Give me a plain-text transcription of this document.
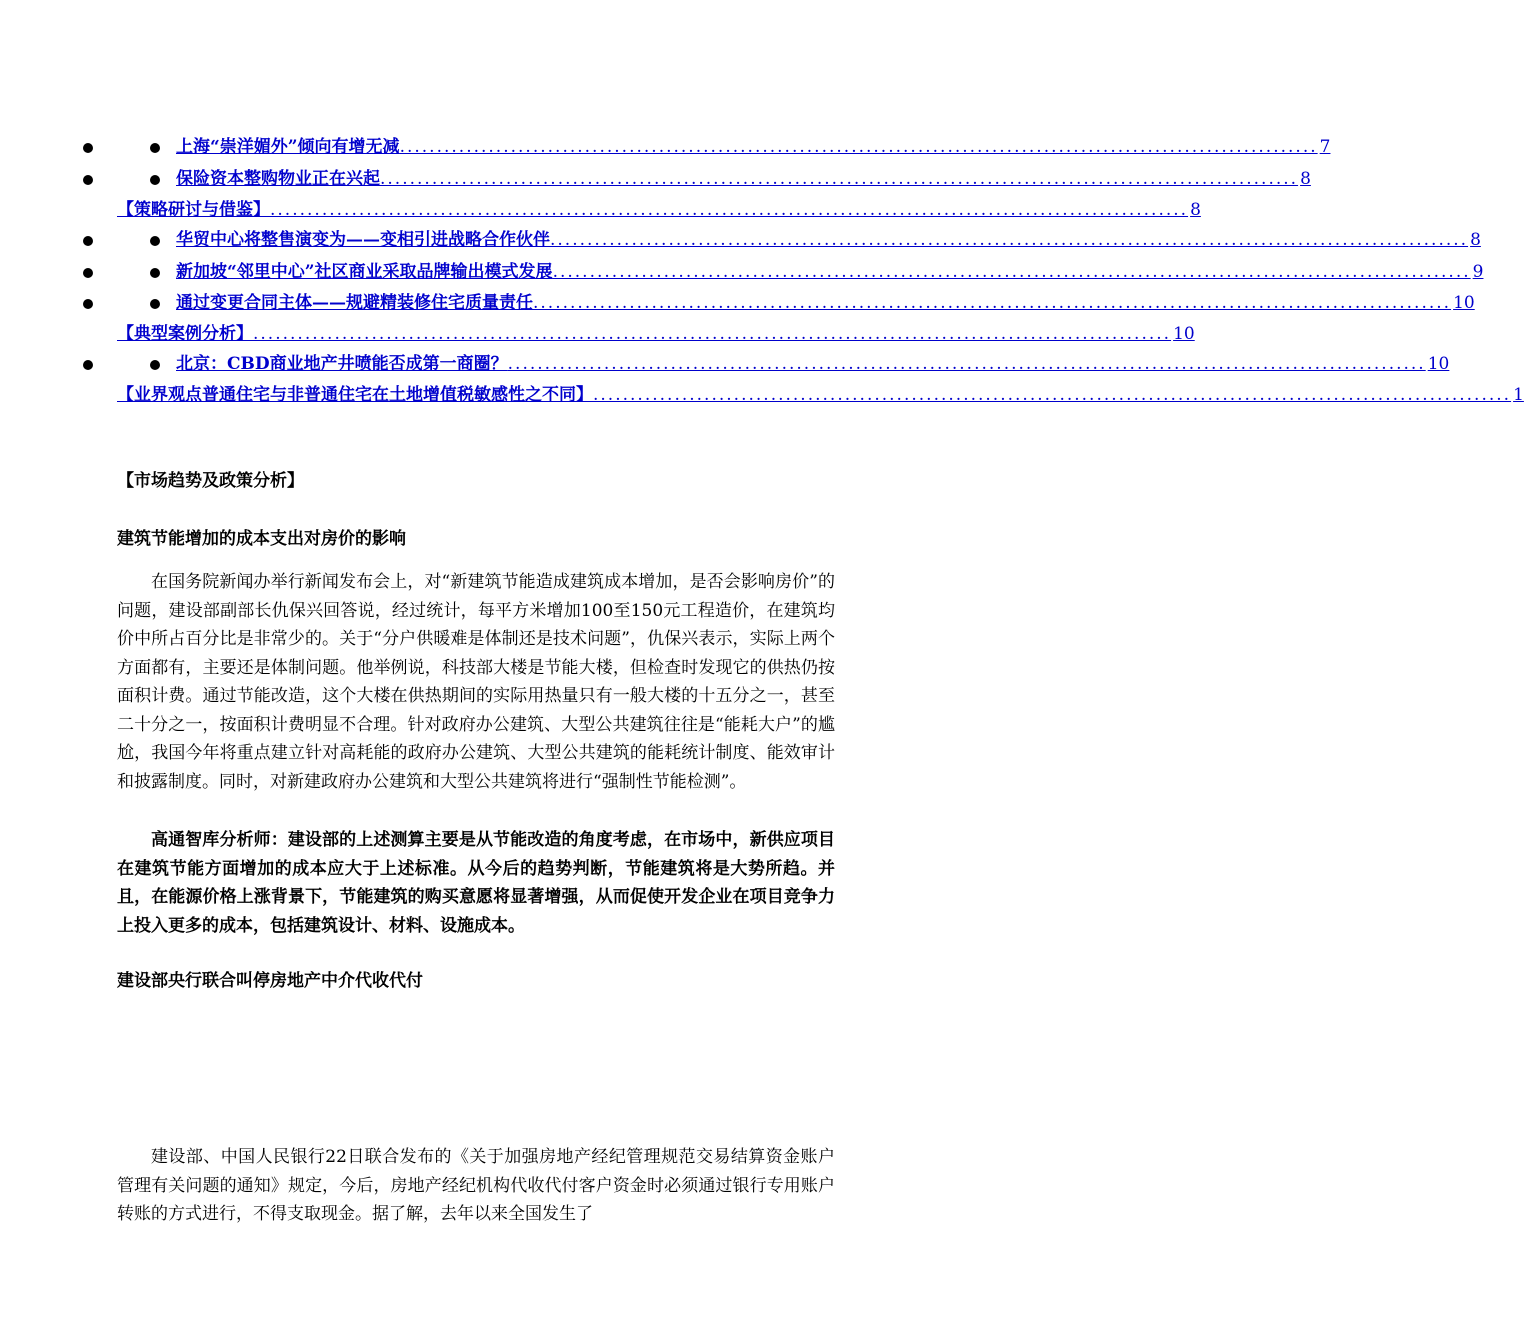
上海“崇洋媚外”倾向有增无减 ............................................................................................................................ 7
保险资本整购物业正在兴起 ............................................................................................................................ 8
【策略研讨与借鉴】 ............................................................................................................................ 8
华贸中心将整售演变为——变相引进战略合作伙伴 ............................................................................................................................ 8
新加坡“邻里中心”社区商业采取品牌输出模式发展 ............................................................................................................................ 9
通过变更合同主体——规避精装修住宅质量责任 ............................................................................................................................ 10
【典型案例分析】 ............................................................................................................................ 10
北京：CBD商业地产井喷能否成第一商圈？ ............................................................................................................................ 10
【业界观点普通住宅与非普通住宅在土地增值税敏感性之不同】 ............................................................................................................................ 1
【市场趋势及政策分析】
建筑节能增加的成本支出对房价的影响

在国务院新闻办举行新闻发布会上，对“新建筑节能造成建筑成本增加，是否会影响房价”的问题，建设部副部长仇保兴回答说，经过统计，每平方米增加100至150元工程造价，在建筑均价中所占百分比是非常少的。关于“分户供暖难是体制还是技术问题”，仇保兴表示，实际上两个方面都有，主要还是体制问题。他举例说，科技部大楼是节能大楼，但检查时发现它的供热仍按面积计费。通过节能改造，这个大楼在供热期间的实际用热量只有一般大楼的十五分之一，甚至二十分之一，按面积计费明显不合理。针对政府办公建筑、大型公共建筑往往是“能耗大户”的尴尬，我国今年将重点建立针对高耗能的政府办公建筑、大型公共建筑的能耗统计制度、能效审计和披露制度。同时，对新建政府办公建筑和大型公共建筑将进行“强制性节能检测”。

高通智库分析师：建设部的上述测算主要是从节能改造的角度考虑，在市场中，新供应项目在建筑节能方面增加的成本应大于上述标准。从今后的趋势判断，节能建筑将是大势所趋。并且，在能源价格上涨背景下，节能建筑的购买意愿将显著增强，从而促使开发企业在项目竞争力上投入更多的成本，包括建筑设计、材料、设施成本。

建设部央行联合叫停房地产中介代收代付

建设部、中国人民银行22日联合发布的《关于加强房地产经纪管理规范交易结算资金账户管理有关问题的通知》规定，今后，房地产经纪机构代收代付客户资金时必须通过银行专用账户转账的方式进行，不得支取现金。据了解，去年以来全国发生了
